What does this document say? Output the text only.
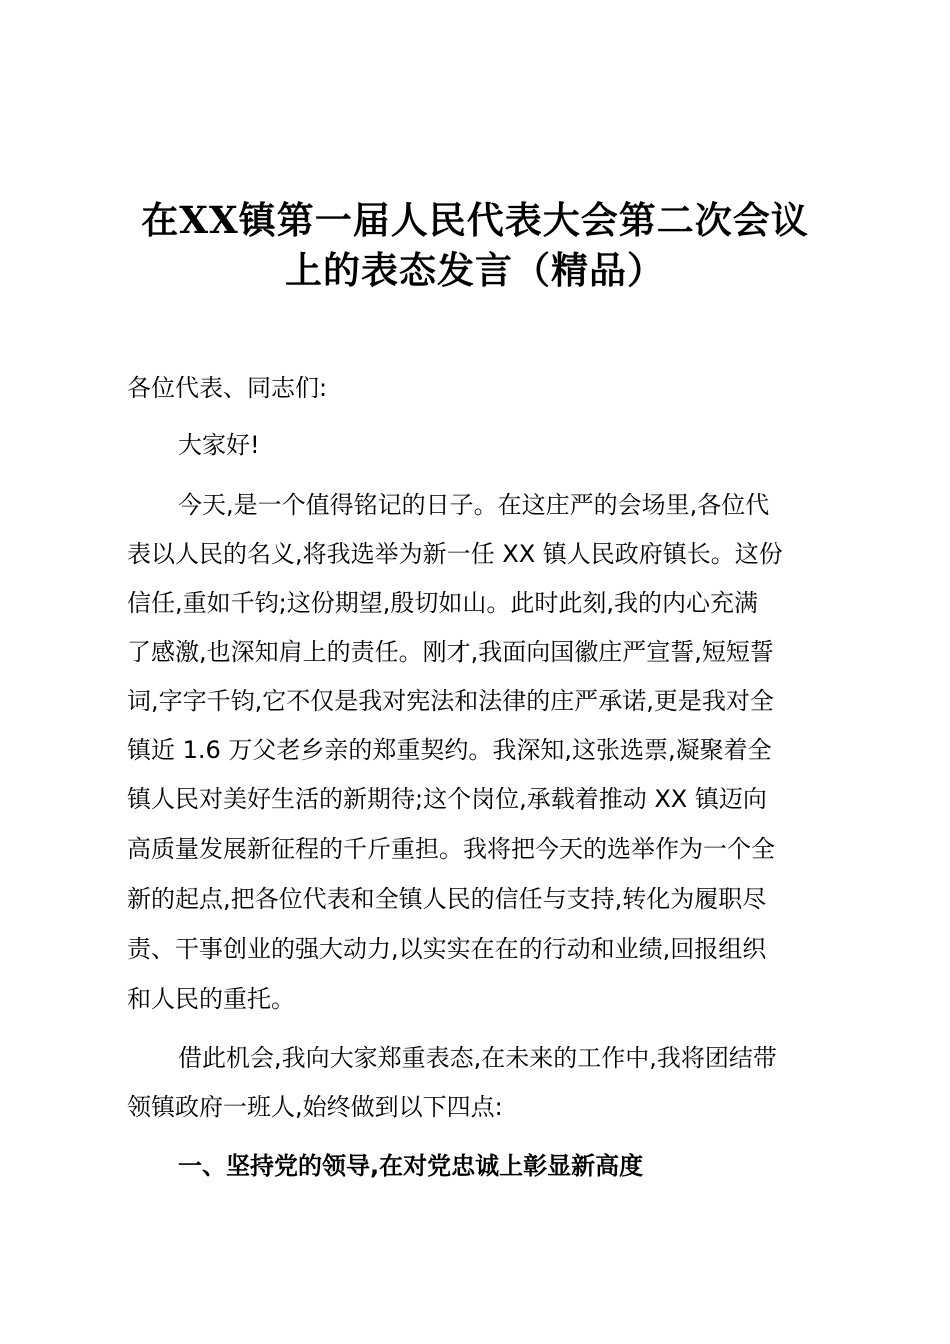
在XX镇第一届人民代表大会第二次会议
上的表态发言（精品）
各位代表、同志们:
大家好!
今天,是一个值得铭记的日子。在这庄严的会场里,各位代
表以人民的名义,将我选举为新一任 XX 镇人民政府镇长。这份
信任,重如千钧;这份期望,殷切如山。此时此刻,我的内心充满
了感激,也深知肩上的责任。刚才,我面向国徽庄严宣誓,短短誓
词,字字千钧,它不仅是我对宪法和法律的庄严承诺,更是我对全
镇近 1.6 万父老乡亲的郑重契约。我深知,这张选票,凝聚着全
镇人民对美好生活的新期待;这个岗位,承载着推动 XX 镇迈向
高质量发展新征程的千斤重担。我将把今天的选举作为一个全
新的起点,把各位代表和全镇人民的信任与支持,转化为履职尽
责、干事创业的强大动力,以实实在在的行动和业绩,回报组织
和人民的重托。
借此机会,我向大家郑重表态,在未来的工作中,我将团结带
领镇政府一班人,始终做到以下四点:
一、坚持党的领导,在对党忠诚上彰显新高度
